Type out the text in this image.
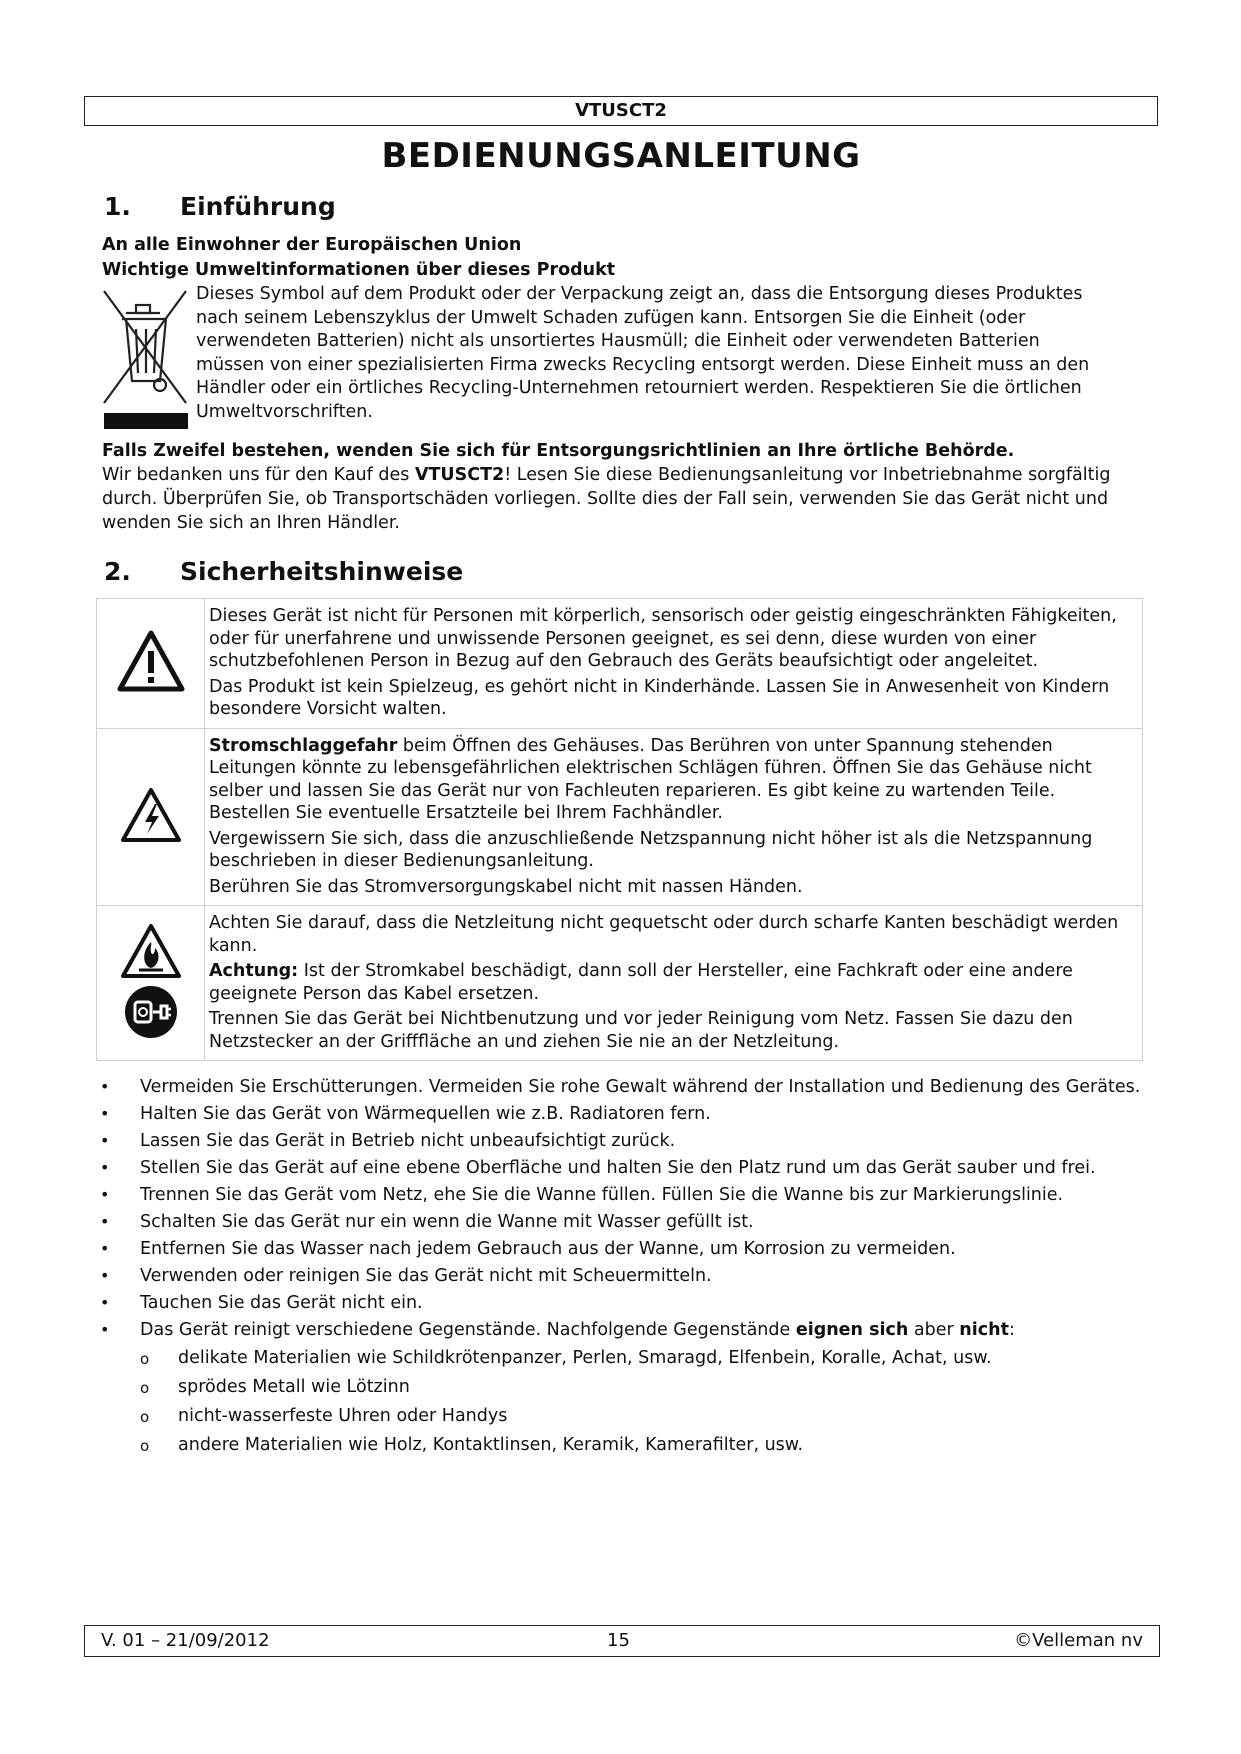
VTUSCT2
BEDIENUNGSANLEITUNG
1. Einführung
An alle Einwohner der Europäischen Union
Wichtige Umweltinformationen über dieses Produkt
Dieses Symbol auf dem Produkt oder der Verpackung zeigt an, dass die Entsorgung dieses Produktes nach seinem Lebenszyklus der Umwelt Schaden zufügen kann. Entsorgen Sie die Einheit (oder verwendeten Batterien) nicht als unsortiertes Hausmüll; die Einheit oder verwendeten Batterien müssen von einer spezialisierten Firma zwecks Recycling entsorgt werden. Diese Einheit muss an den Händler oder ein örtliches Recycling-Unternehmen retourniert werden. Respektieren Sie die örtlichen Umweltvorschriften.
Falls Zweifel bestehen, wenden Sie sich für Entsorgungsrichtlinien an Ihre örtliche Behörde.
Wir bedanken uns für den Kauf des VTUSCT2! Lesen Sie diese Bedienungsanleitung vor Inbetriebnahme sorgfältig durch. Überprüfen Sie, ob Transportschäden vorliegen. Sollte dies der Fall sein, verwenden Sie das Gerät nicht und wenden Sie sich an Ihren Händler.
2. Sicherheitshinweise

Dieses Gerät ist nicht für Personen mit körperlich, sensorisch oder geistig eingeschränkten Fähigkeiten, oder für unerfahrene und unwissende Personen geeignet, es sei denn, diese wurden von einer schutzbefohlenen Person in Bezug auf den Gebrauch des Geräts beaufsichtigt oder angeleitet.

Das Produkt ist kein Spielzeug, es gehört nicht in Kinderhände. Lassen Sie in Anwesenheit von Kindern besondere Vorsicht walten.

Stromschlaggefahr beim Öffnen des Gehäuses. Das Berühren von unter Spannung stehenden Leitungen könnte zu lebensgefährlichen elektrischen Schlägen führen. Öffnen Sie das Gehäuse nicht selber und lassen Sie das Gerät nur von Fachleuten reparieren. Es gibt keine zu wartenden Teile. Bestellen Sie eventuelle Ersatzteile bei Ihrem Fachhändler.

Vergewissern Sie sich, dass die anzuschließende Netzspannung nicht höher ist als die Netzspannung beschrieben in dieser Bedienungsanleitung.

Berühren Sie das Stromversorgungskabel nicht mit nassen Händen.

Achten Sie darauf, dass die Netzleitung nicht gequetscht oder durch scharfe Kanten beschädigt werden kann.

Achtung: Ist der Stromkabel beschädigt, dann soll der Hersteller, eine Fachkraft oder eine andere geeignete Person das Kabel ersetzen.

Trennen Sie das Gerät bei Nichtbenutzung und vor jeder Reinigung vom Netz. Fassen Sie dazu den Netzstecker an der Grifffläche an und ziehen Sie nie an der Netzleitung.

• Vermeiden Sie Erschütterungen. Vermeiden Sie rohe Gewalt während der Installation und Bedienung des Gerätes.
• Halten Sie das Gerät von Wärmequellen wie z.B. Radiatoren fern.
• Lassen Sie das Gerät in Betrieb nicht unbeaufsichtigt zurück.
• Stellen Sie das Gerät auf eine ebene Oberfläche und halten Sie den Platz rund um das Gerät sauber und frei.
• Trennen Sie das Gerät vom Netz, ehe Sie die Wanne füllen. Füllen Sie die Wanne bis zur Markierungslinie.
• Schalten Sie das Gerät nur ein wenn die Wanne mit Wasser gefüllt ist.
• Entfernen Sie das Wasser nach jedem Gebrauch aus der Wanne, um Korrosion zu vermeiden.
• Verwenden oder reinigen Sie das Gerät nicht mit Scheuermitteln.
• Tauchen Sie das Gerät nicht ein.
• Das Gerät reinigt verschiedene Gegenstände. Nachfolgende Gegenstände eignen sich aber nicht:
o delikate Materialien wie Schildkrötenpanzer, Perlen, Smaragd, Elfenbein, Koralle, Achat, usw.
o sprödes Metall wie Lötzinn
o nicht-wasserfeste Uhren oder Handys
o andere Materialien wie Holz, Kontaktlinsen, Keramik, Kamerafilter, usw.
V. 01 – 21/09/2012	15	©Velleman nv
